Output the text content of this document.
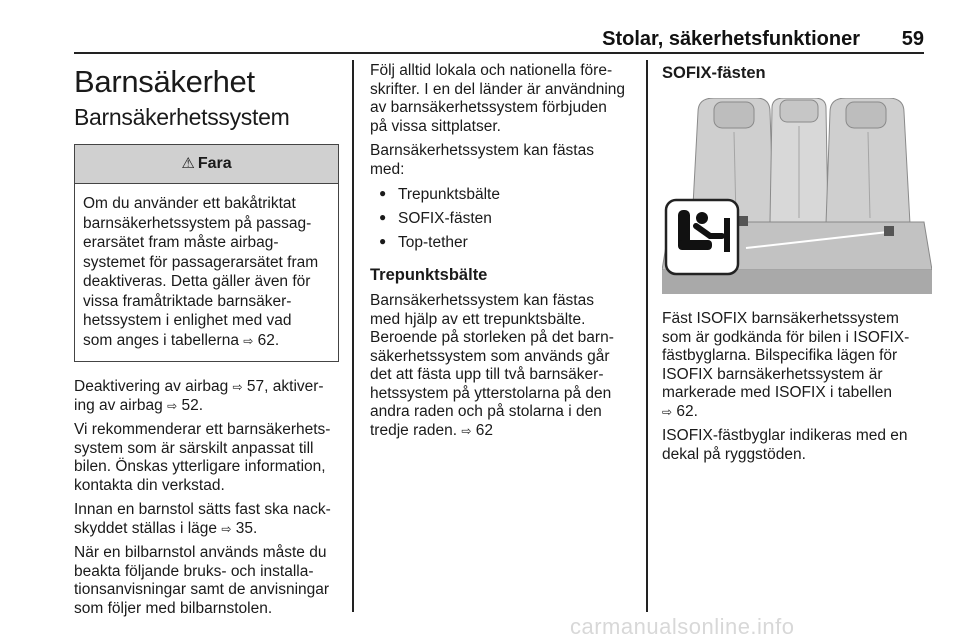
Stolar, säkerhetsfunktioner	59
Barnsäkerhet
Barnsäkerhetssystem
⚠ Fara
Om du använder ett bakåtriktat
barnsäkerhetssystem på passag-
erarsätet fram måste airbag-
systemet för passagerarsätet fram
deaktiveras. Detta gäller även för
vissa framåtriktade barnsäker-
hetssystem i enlighet med vad
som anges i tabellerna ⇨ 62.

Deaktivering av airbag ⇨ 57, aktiver-
ing av airbag ⇨ 52.

Vi rekommenderar ett barnsäkerhets-
system som är särskilt anpassat till
bilen. Önskas ytterligare information,
kontakta din verkstad.

Innan en barnstol sätts fast ska nack-
skyddet ställas i läge ⇨ 35.

När en bilbarnstol används måste du
beakta följande bruks- och installa-
tionsanvisningar samt de anvisningar
som följer med bilbarnstolen.

Följ alltid lokala och nationella före-
skrifter. I en del länder är användning
av barnsäkerhetssystem förbjuden
på vissa sittplatser.

Barnsäkerhetssystem kan fästas
med:

● Trepunktsbälte
● SOFIX-fästen
● Top-tether
Trepunktsbälte

Barnsäkerhetssystem kan fästas
med hjälp av ett trepunktsbälte.
Beroende på storleken på det barn-
säkerhetssystem som används går
det att fästa upp till två barnsäker-
hetssystem på ytterstolarna på den
andra raden och på stolarna i den
tredje raden. ⇨ 62

SOFIX-fästen

Fäst ISOFIX barnsäkerhetssystem
som är godkända för bilen i ISOFIX-
fästbyglarna. Bilspecifika lägen för
ISOFIX barnsäkerhetssystem är
markerade med ISOFIX i tabellen
⇨ 62.

ISOFIX-fästbyglar indikeras med en
dekal på ryggstöden.

carmanualsonline.info
